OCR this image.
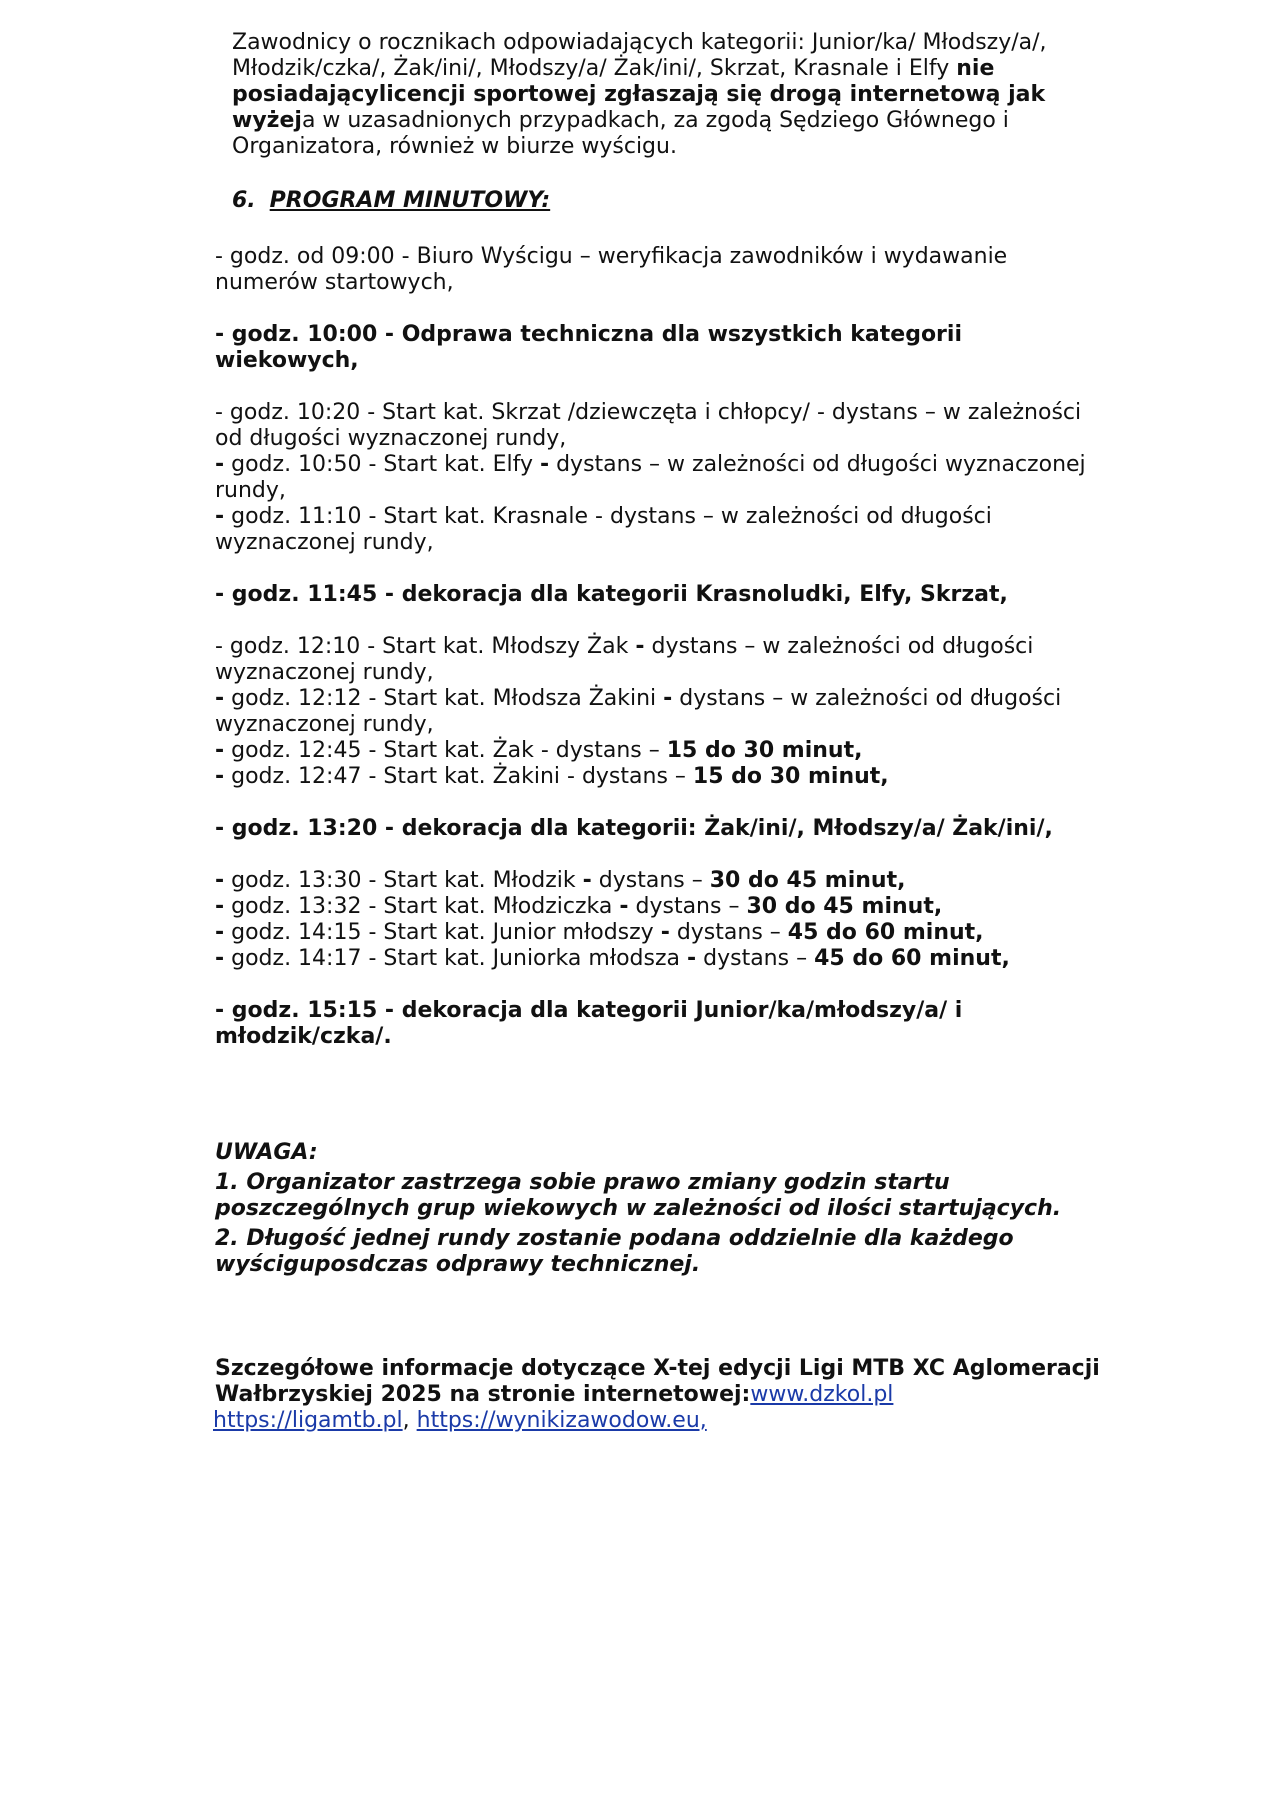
Zawodnicy o rocznikach odpowiadających kategorii: Junior/ka/ Młodszy/a/, Młodzik/czka/, Żak/ini/, Młodszy/a/ Żak/ini/, Skrzat, Krasnale i Elfy nie posiadającylicencji sportowej zgłaszają się drogą internetową jak wyżeja w uzasadnionych przypadkach, za zgodą Sędziego Głównego i Organizatora, również w biurze wyścigu.

6. PROGRAM MINUTOWY:

- godz. od 09:00 - Biuro Wyścigu – weryfikacja zawodników i wydawanie numerów startowych,

- godz. 10:00 - Odprawa techniczna dla wszystkich kategorii wiekowych,

- godz. 10:20 - Start kat. Skrzat /dziewczęta i chłopcy/ - dystans – w zależności od długości wyznaczonej rundy,

- godz. 10:50 - Start kat. Elfy - dystans – w zależności od długości wyznaczonej rundy,

- godz. 11:10 - Start kat. Krasnale - dystans – w zależności od długości wyznaczonej rundy,

- godz. 11:45 - dekoracja dla kategorii Krasnoludki, Elfy, Skrzat,

- godz. 12:10 - Start kat. Młodszy Żak - dystans – w zależności od długości wyznaczonej rundy,

- godz. 12:12 - Start kat. Młodsza Żakini - dystans – w zależności od długości wyznaczonej rundy,

- godz. 12:45 - Start kat. Żak - dystans – 15 do 30 minut,

- godz. 12:47 - Start kat. Żakini - dystans – 15 do 30 minut,

- godz. 13:20 - dekoracja dla kategorii: Żak/ini/, Młodszy/a/ Żak/ini/,

- godz. 13:30 - Start kat. Młodzik - dystans – 30 do 45 minut,

- godz. 13:32 - Start kat. Młodziczka - dystans – 30 do 45 minut,

- godz. 14:15 - Start kat. Junior młodszy - dystans – 45 do 60 minut,

- godz. 14:17 - Start kat. Juniorka młodsza - dystans – 45 do 60 minut,

- godz. 15:15 - dekoracja dla kategorii Junior/ka/młodszy/a/ i młodzik/czka/.

UWAGA:

1. Organizator zastrzega sobie prawo zmiany godzin startu poszczególnych grup wiekowych w zależności od ilości startujących.

2. Długość jednej rundy zostanie podana oddzielnie dla każdego wyściguposdczas odprawy technicznej.

Szczegółowe informacje dotyczące X-tej edycji Ligi MTB XC Aglomeracji Wałbrzyskiej 2025 na stronie internetowej:www.dzkol.pl
https://ligamtb.pl, https://wynikizawodow.eu,
